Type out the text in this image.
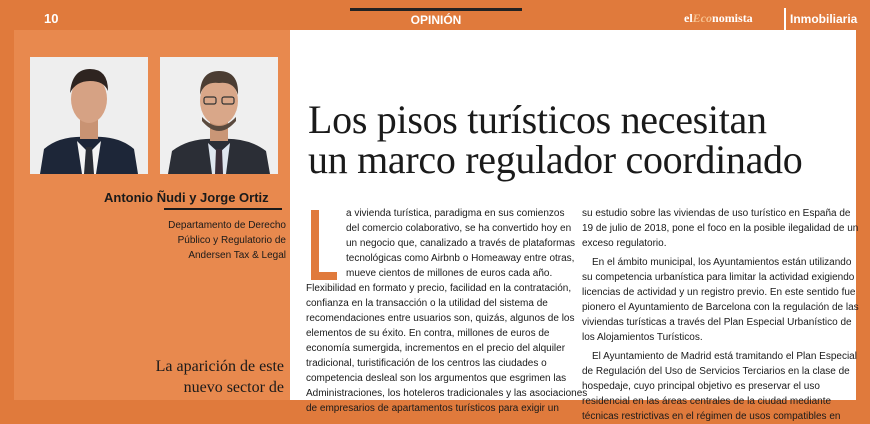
10	OPINIÓN	elEconomista	Inmobiliaria
Antonio Ñudi y Jorge Ortiz
Departamento de Derecho
Público y Regulatorio de
Andersen Tax & Legal
La aparición de este
nuevo sector de
Los pisos turísticos necesitan
un marco regulador coordinado
a vivienda turística, paradigma en sus comienzos
del comercio colaborativo, se ha convertido hoy en
un negocio que, canalizado a través de plataformas
tecnológicas como Airbnb o Homeaway entre otras,
mueve cientos de millones de euros cada año.
Flexibilidad en formato y precio, facilidad en la contratación,
confianza en la transacción o la utilidad del sistema de
recomendaciones entre usuarios son, quizás, algunos de los
elementos de su éxito. En contra, millones de euros de
economía sumergida, incrementos en el precio del alquiler
tradicional, turistificación de los centros las ciudades o
competencia desleal son los argumentos que esgrimen las
Administraciones, los hoteleros tradicionales y las asociaciones
de empresarios de apartamentos turísticos para exigir un
su estudio sobre las viviendas de uso turístico en España de
19 de julio de 2018, pone el foco en la posible ilegalidad de un
exceso regulatorio.
En el ámbito municipal, los Ayuntamientos están utilizando
su competencia urbanística para limitar la actividad exigiendo
licencias de actividad y un registro previo. En este sentido fue
pionero el Ayuntamiento de Barcelona con la regulación de las
viviendas turísticas a través del Plan Especial Urbanístico de
los Alojamientos Turísticos.
El Ayuntamiento de Madrid está tramitando el Plan Especial
de Regulación del Uso de Servicios Terciarios en la clase de
hospedaje, cuyo principal objetivo es preservar el uso
residencial en las áreas centrales de la ciudad mediante
técnicas restrictivas en el régimen de usos compatibles en
